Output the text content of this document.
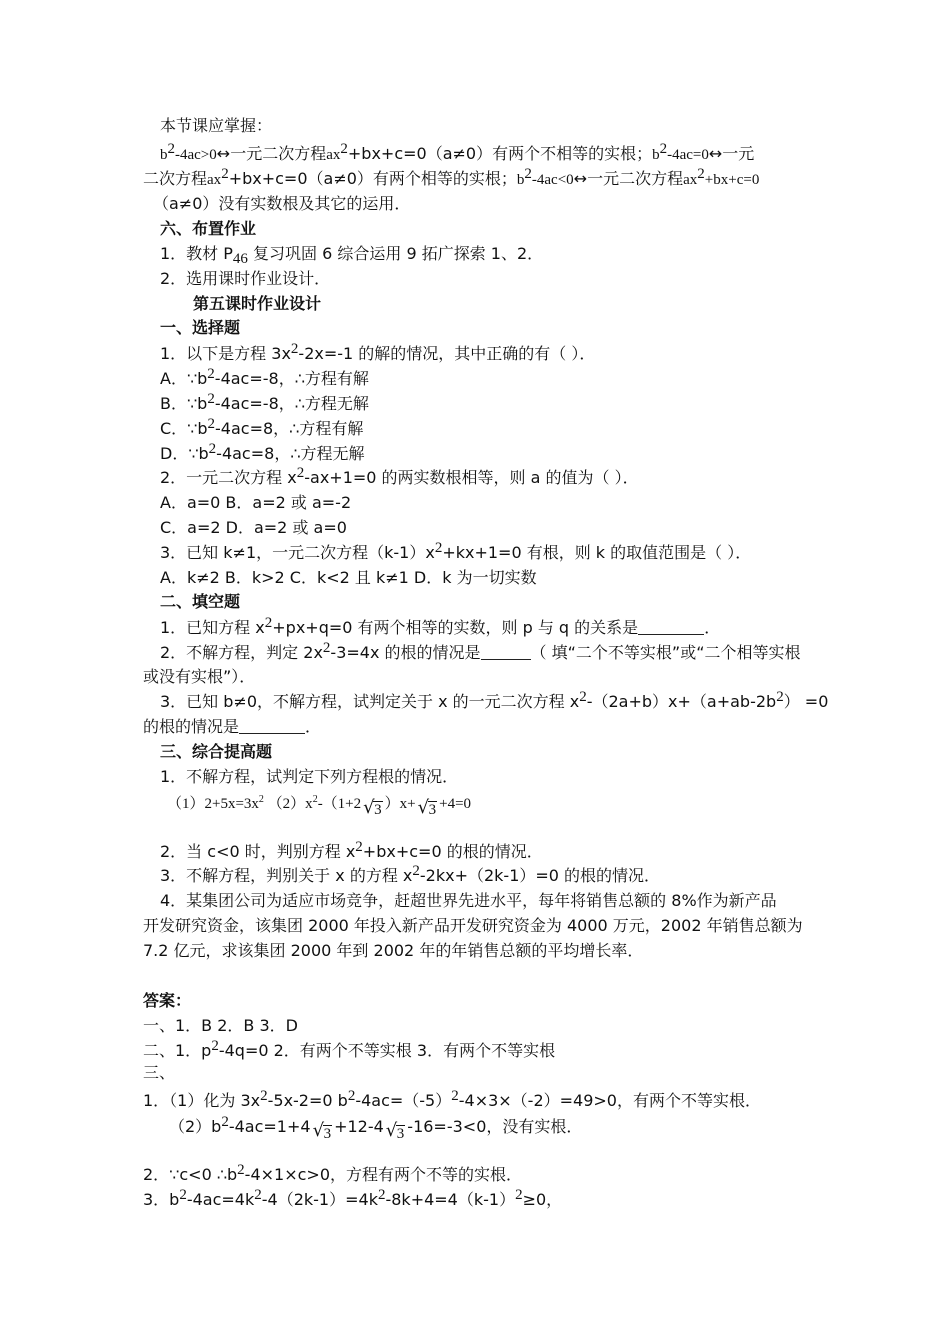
本节课应掌握：
$b^2-4ac>0\leftrightarrow$一元二次方程$ax^2+bx+c=0(a\ne 0)$有两个不相等的实根；$b^2-4ac=0\leftrightarrow$一元
二次方程$ax^2+bx+c=0(a\ne 0)$有两个相等的实根；$b^2-4ac<0\leftrightarrow$一元二次方程$ax^2+bx+c=0$
（a≠0）没有实数根及其它的运用．
六、布置作业
1．教材 $P_{46}$ 复习巩固 6 综合运用 9 拓广探索 1、2．
2．选用课时作业设计．
第五课时作业设计
一、选择题
1．以下是方程 $3x^2-2x=-1$ 的解的情况，其中正确的有（ ）．
A．$\because b^2-4ac=-8$，∴方程有解
B．$\because b^2-4ac=-8$，∴方程无解
C．$\because b^2-4ac=8$，∴方程有解
D．$\because b^2-4ac=8$，∴方程无解
2．一元二次方程 $x^2-ax+1=0$ 的两实数根相等，则 a 的值为（ ）．
A．a=0 B．a=2 或 a=-2
C．a=2 D．a=2 或 a=0
3．已知 k≠1，一元二次方程$(k-1)x^2+kx+1=0$ 有根，则 k 的取值范围是（ ）．
A．k≠2 B．k>2 C．k<2 且 k≠1 D．k 为一切实数
二、填空题
1．已知方程 $x^2+px+q=0$ 有两个相等的实数，则 p 与 q 的关系是	．
2．不解方程，判定 $2x^2-3=4x$ 的根的情况是	（ 填“二个不等实根”或“二个相等实根
或没有实根”）．
3．已知 b≠0，不解方程，试判定关于 x 的一元二次方程 $x^2-(2a+b)x+(a+ab-2b^2) =0$
的根的情况是	．
三、综合提高题
1．不解方程，试判定下列方程根的情况．
$(1)2+5x=3x^2$ $(2)x^2-(1+2$ √ 3 ）x+ √ 3 +4=0
2．当 c<0 时，判别方程 $x^2+bx+c=0$ 的根的情况．
3．不解方程，判别关于 x 的方程 $x^2-2kx+(2k-1)=0$ 的根的情况．
4．某集团公司为适应市场竞争，赶超世界先进水平，每年将销售总额的 8%作为新产品
开发研究资金，该集团 2000 年投入新产品开发研究资金为 4000 万元，2002 年销售总额为
7.2 亿元，求该集团 2000 年到 2002 年的年销售总额的平均增长率．
答案：
一、1．B 2．B 3．D
二、1．$p^2-4q=0$ 2．有两个不等实根 3．有两个不等实根
三、
1．（1）化为 $3x^2-5x-2=0$ $b^2-4ac=(-5)^2-4\times 3\times(-2)=49>0$，有两个不等实根．
$(2)b^2-4ac=1+4$ √ 3 +12-4 √ 3 -16=-3<0，没有实根．
2．∵c<0 $\therefore b^2-4\times 1\times c>0$，方程有两个不等的实根．
3．$b^2-4ac=4k^2-4(2k-1)=4k^2-8k+4=4(k-1)^2\ge 0$，
